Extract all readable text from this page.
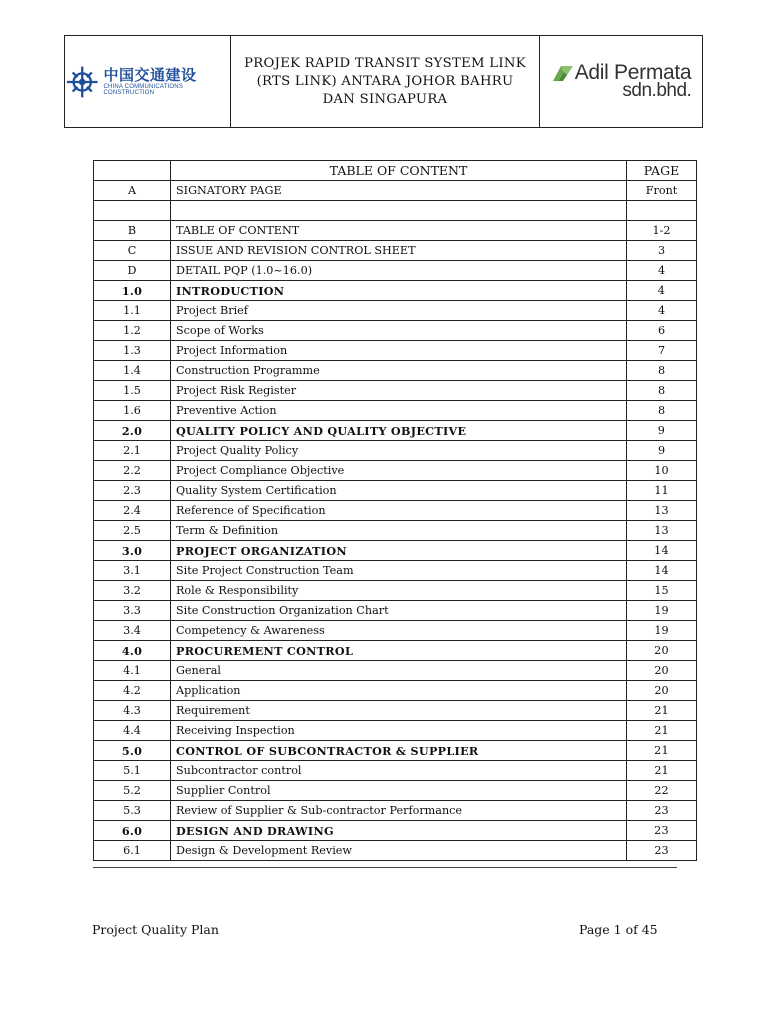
中国交通建设
CHINA COMMUNICATIONS CONSTRUCTION
PROJEK RAPID TRANSIT SYSTEM LINK
(RTS LINK) ANTARA JOHOR BAHRU
DAN SINGAPURA
Adil Permata
sdn.bhd.
	TABLE OF CONTENT	PAGE
A	SIGNATORY PAGE	Front

B	TABLE OF CONTENT	1-2
C	ISSUE AND REVISION CONTROL SHEET	3
D	DETAIL PQP (1.0~16.0)	4
1.0	INTRODUCTION	4
1.1	Project Brief	4
1.2	Scope of Works	6
1.3	Project Information	7
1.4	Construction Programme	8
1.5	Project Risk Register	8
1.6	Preventive Action	8
2.0	QUALITY POLICY AND QUALITY OBJECTIVE	9
2.1	Project Quality Policy	9
2.2	Project Compliance Objective	10
2.3	Quality System Certification	11
2.4	Reference of Specification	13
2.5	Term & Definition	13
3.0	PROJECT ORGANIZATION	14
3.1	Site Project Construction Team	14
3.2	Role & Responsibility	15
3.3	Site Construction Organization Chart	19
3.4	Competency & Awareness	19
4.0	PROCUREMENT CONTROL	20
4.1	General	20
4.2	Application	20
4.3	Requirement	21
4.4	Receiving Inspection	21
5.0	CONTROL OF SUBCONTRACTOR & SUPPLIER	21
5.1	Subcontractor control	21
5.2	Supplier Control	22
5.3	Review of Supplier & Sub-contractor Performance	23
6.0	DESIGN AND DRAWING	23
6.1	Design & Development Review	23
Project Quality Plan	Page 1 of 45
